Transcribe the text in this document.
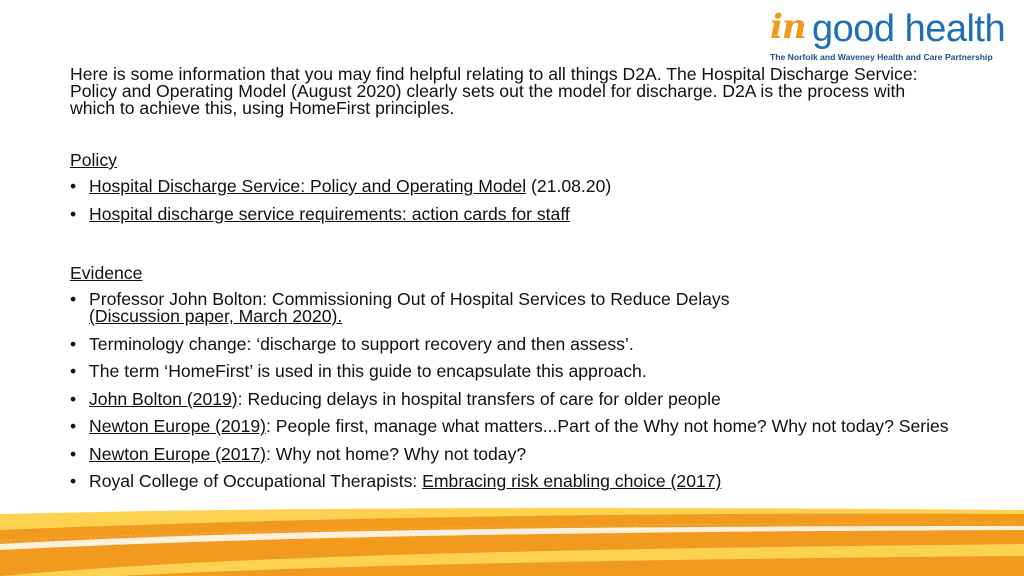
in good health
The Norfolk and Waveney Health and Care Partnership

Here is some information that you may find helpful relating to all things D2A. The Hospital Discharge Service: Policy and Operating Model (August 2020) clearly sets out the model for discharge. D2A is the process with which to achieve this, using HomeFirst principles.

Policy
• Hospital Discharge Service: Policy and Operating Model (21.08.20)
• Hospital discharge service requirements: action cards for staff
Evidence
• Professor John Bolton: Commissioning Out of Hospital Services to Reduce Delays
(Discussion paper, March 2020).
• Terminology change: ‘discharge to support recovery and then assess’.
• The term ‘HomeFirst’ is used in this guide to encapsulate this approach.
• John Bolton (2019): Reducing delays in hospital transfers of care for older people
• Newton Europe (2019): People first, manage what matters...Part of the Why not home? Why not today? Series
• Newton Europe (2017): Why not home? Why not today?
• Royal College of Occupational Therapists: Embracing risk enabling choice (2017)
